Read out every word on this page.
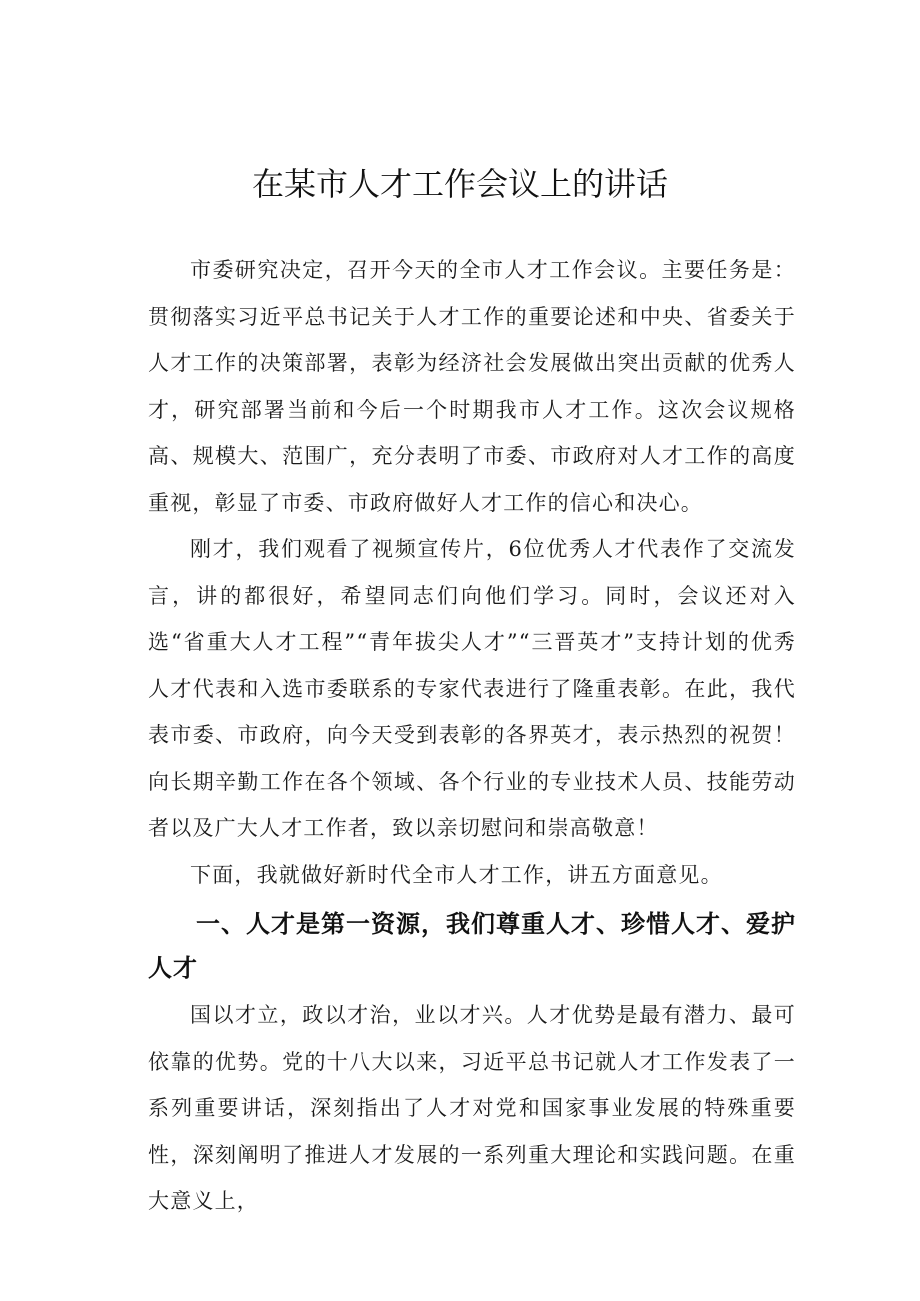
在某市人才工作会议上的讲话

市委研究决定，召开今天的全市人才工作会议。主要任务是：贯彻落实习近平总书记关于人才工作的重要论述和中央、省委关于人才工作的决策部署，表彰为经济社会发展做出突出贡献的优秀人才，研究部署当前和今后一个时期我市人才工作。这次会议规格高、规模大、范围广，充分表明了市委、市政府对人才工作的高度重视，彰显了市委、市政府做好人才工作的信心和决心。

刚才，我们观看了视频宣传片，6位优秀人才代表作了交流发言，讲的都很好，希望同志们向他们学习。同时，会议还对入选“省重大人才工程”“青年拔尖人才”“三晋英才”支持计划的优秀人才代表和入选市委联系的专家代表进行了隆重表彰。在此，我代表市委、市政府，向今天受到表彰的各界英才，表示热烈的祝贺！向长期辛勤工作在各个领域、各个行业的专业技术人员、技能劳动者以及广大人才工作者，致以亲切慰问和崇高敬意！

下面，我就做好新时代全市人才工作，讲五方面意见。

一、人才是第一资源，我们尊重人才、珍惜人才、爱护人才

国以才立，政以才治，业以才兴。人才优势是最有潜力、最可依靠的优势。党的十八大以来，习近平总书记就人才工作发表了一系列重要讲话，深刻指出了人才对党和国家事业发展的特殊重要性，深刻阐明了推进人才发展的一系列重大理论和实践问题。在重大意义上，
